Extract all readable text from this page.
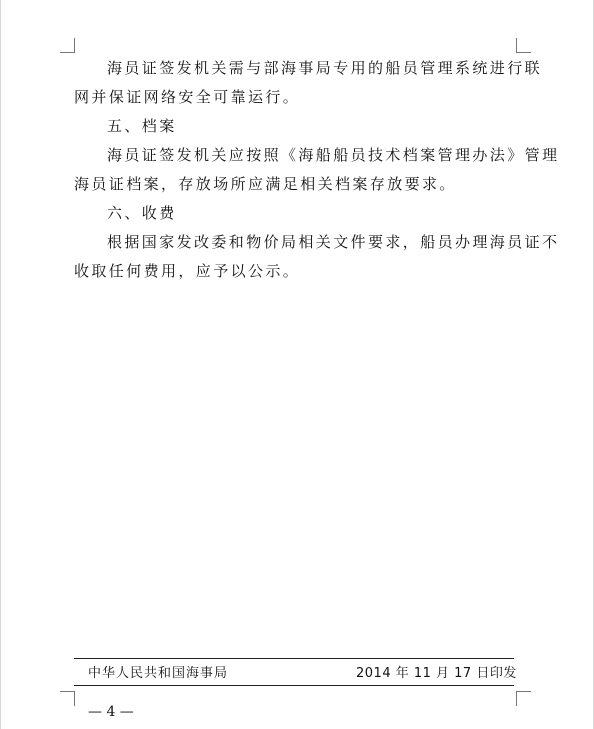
海员证签发机关需与部海事局专用的船员管理系统进行联

网并保证网络安全可靠运行。

五、档案

海员证签发机关应按照《海船船员技术档案管理办法》管理

海员证档案，存放场所应满足相关档案存放要求。

六、收费

根据国家发改委和物价局相关文件要求，船员办理海员证不

收取任何费用，应予以公示。

中华人民共和国海事局	2014 年 11 月 17 日印发
— 4 —
